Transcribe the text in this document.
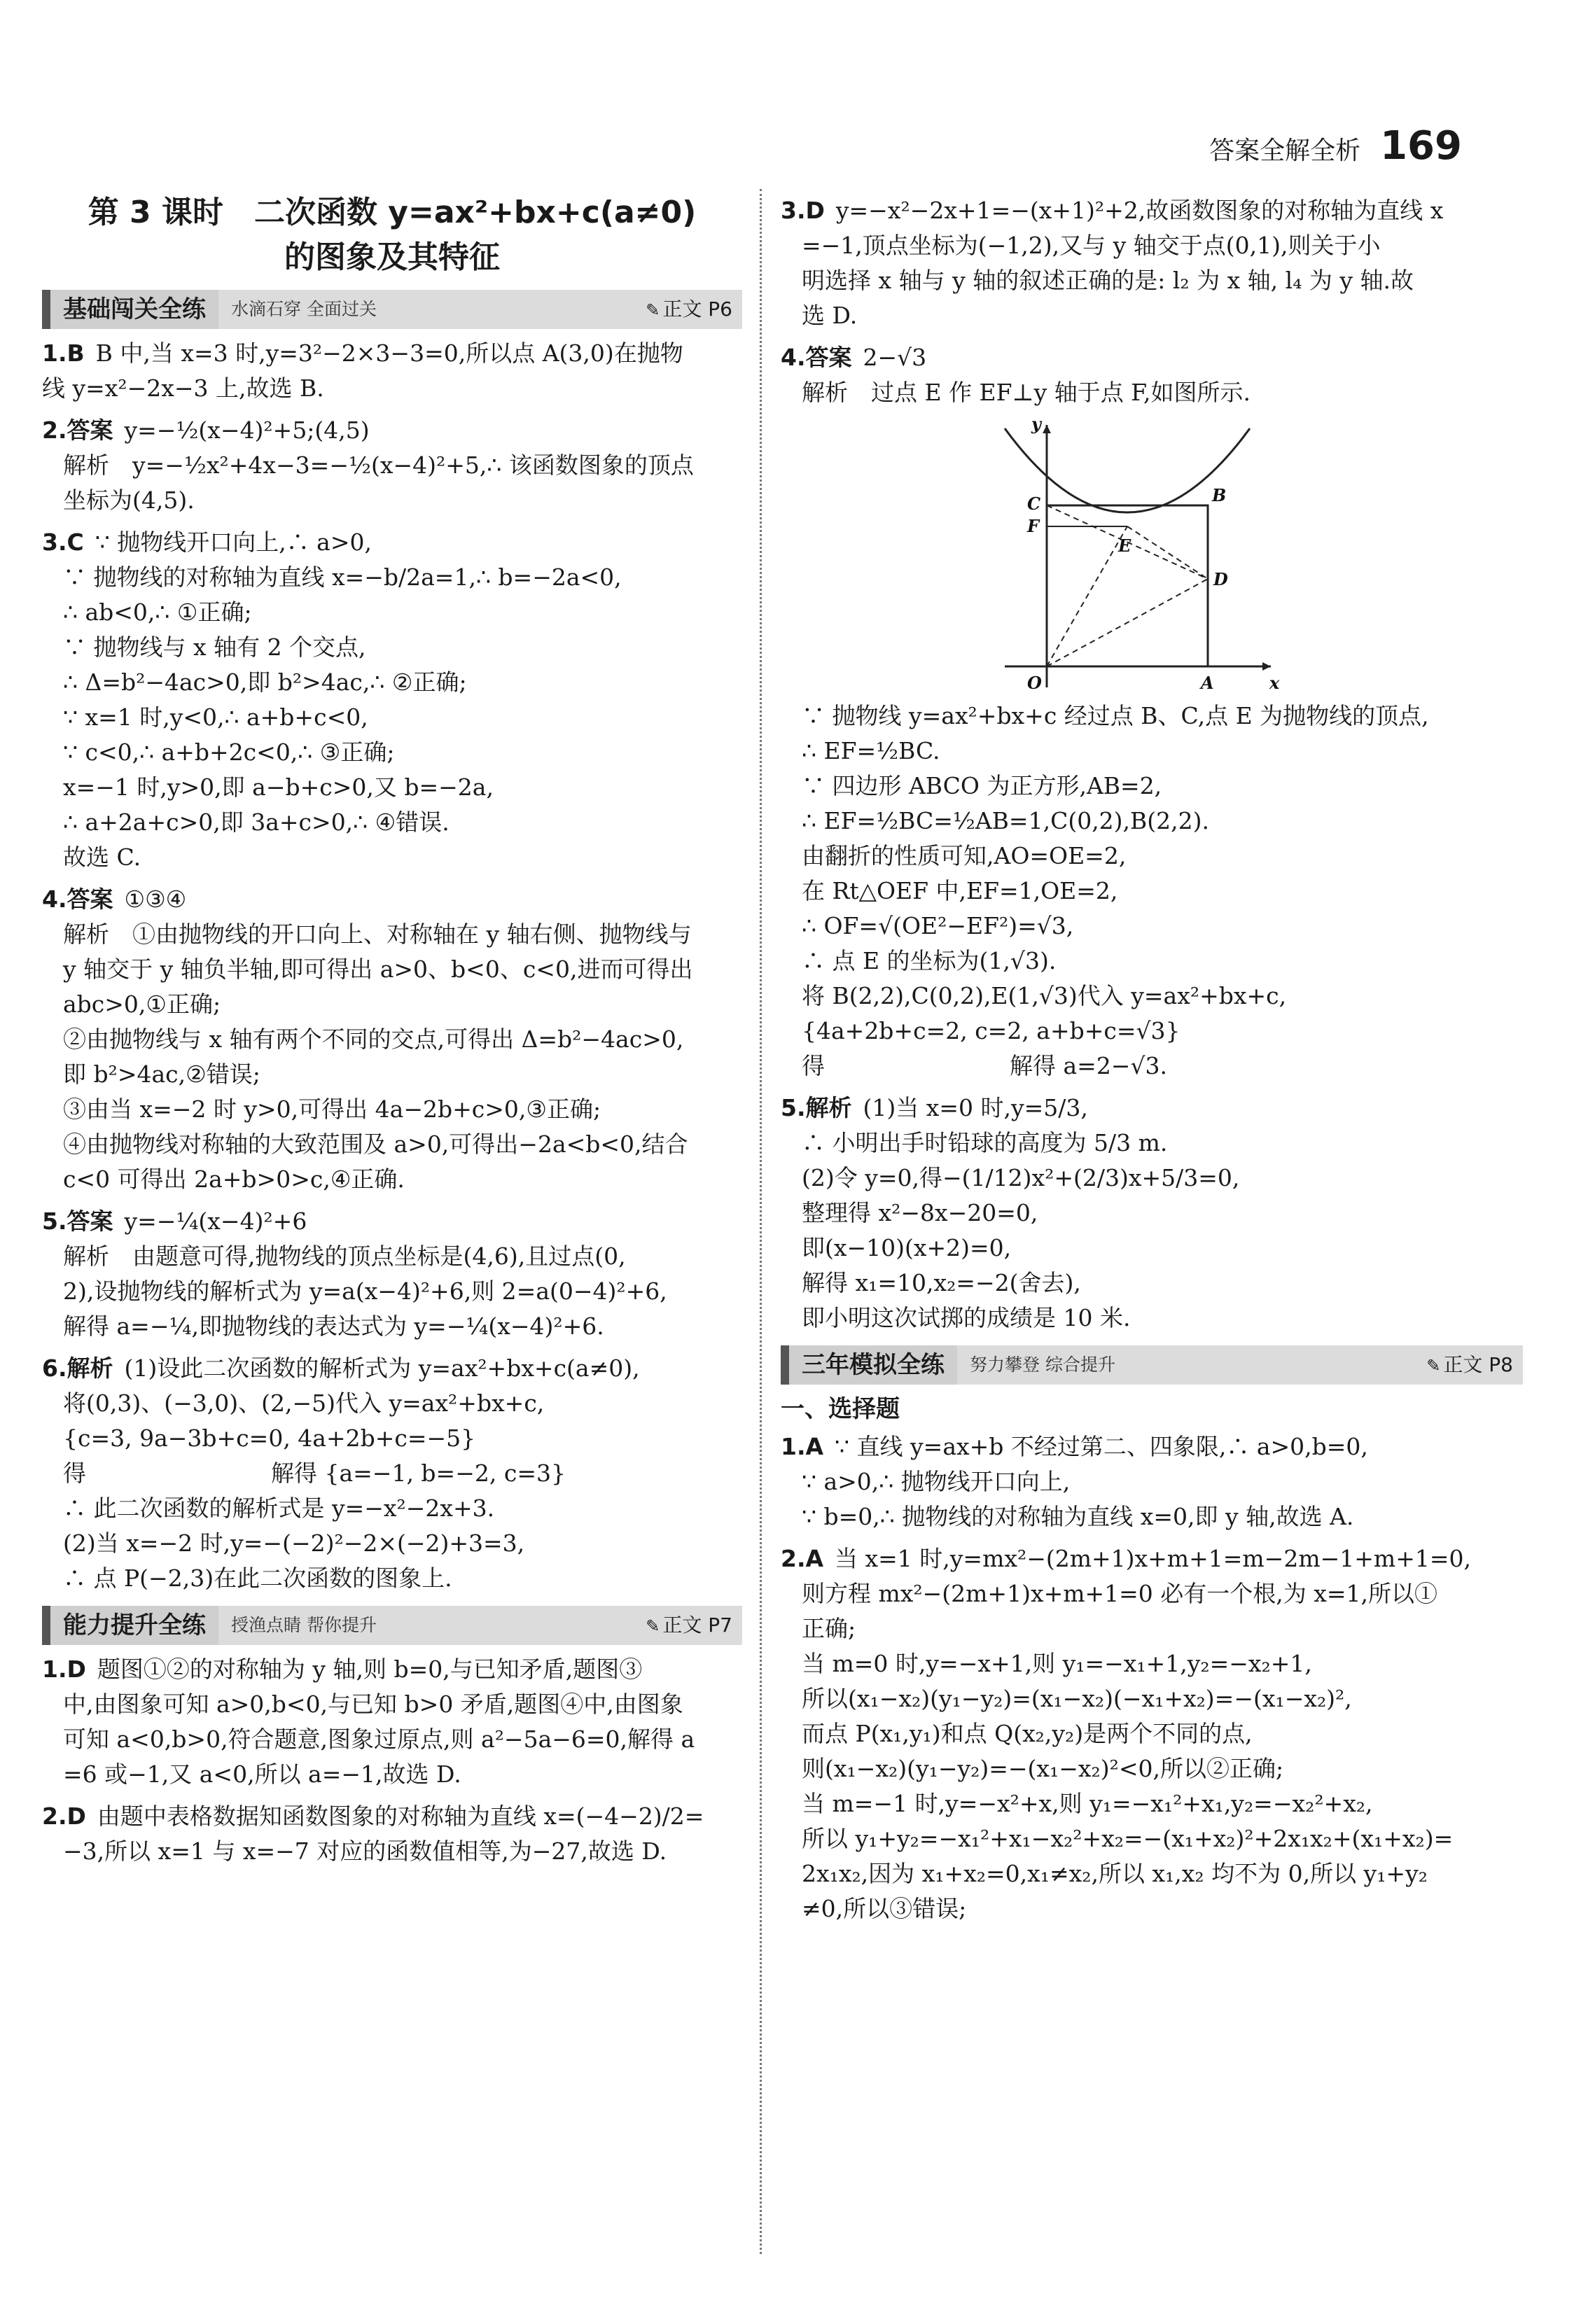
答案全解全析 169
第 3 课时　二次函数 y=ax²+bx+c(a≠0)
的图象及其特征
基础闯关全练	水滴石穿 全面过关	✎ 正文 P6
1.B B 中,当 x=3 时,y=3²−2×3−3=0,所以点 A(3,0)在抛物
线 y=x²−2x−3 上,故选 B.
2.答案 y=−½(x−4)²+5;(4,5)
解析　y=−½x²+4x−3=−½(x−4)²+5,∴ 该函数图象的顶点
坐标为(4,5).
3.C ∵ 抛物线开口向上,∴ a>0,
∵ 抛物线的对称轴为直线 x=−b/2a=1,∴ b=−2a<0,
∴ ab<0,∴ ①正确;
∵ 抛物线与 x 轴有 2 个交点,
∴ Δ=b²−4ac>0,即 b²>4ac,∴ ②正确;
∵ x=1 时,y<0,∴ a+b+c<0,
∵ c<0,∴ a+b+2c<0,∴ ③正确;
x=−1 时,y>0,即 a−b+c>0,又 b=−2a,
∴ a+2a+c>0,即 3a+c>0,∴ ④错误.
故选 C.
4.答案 ①③④
解析　①由抛物线的开口向上、对称轴在 y 轴右侧、抛物线与
y 轴交于 y 轴负半轴,即可得出 a>0、b<0、c<0,进而可得出
abc>0,①正确;
②由抛物线与 x 轴有两个不同的交点,可得出 Δ=b²−4ac>0,
即 b²>4ac,②错误;
③由当 x=−2 时 y>0,可得出 4a−2b+c>0,③正确;
④由抛物线对称轴的大致范围及 a>0,可得出−2a<b<0,结合
c<0 可得出 2a+b>0>c,④正确.
5.答案 y=−¼(x−4)²+6
解析　由题意可得,抛物线的顶点坐标是(4,6),且过点(0,
2),设抛物线的解析式为 y=a(x−4)²+6,则 2=a(0−4)²+6,
解得 a=−¼,即抛物线的表达式为 y=−¼(x−4)²+6.
6.解析 (1)设此二次函数的解析式为 y=ax²+bx+c(a≠0),
将(0,3)、(−3,0)、(2,−5)代入 y=ax²+bx+c,
{c=3, 9a−3b+c=0, 4a+2b+c=−5}
得　　　　　　　　解得 {a=−1, b=−2, c=3}
∴ 此二次函数的解析式是 y=−x²−2x+3.
(2)当 x=−2 时,y=−(−2)²−2×(−2)+3=3,
∴ 点 P(−2,3)在此二次函数的图象上.
能力提升全练	授渔点睛 帮你提升	✎ 正文 P7
1.D 题图①②的对称轴为 y 轴,则 b=0,与已知矛盾,题图③
中,由图象可知 a>0,b<0,与已知 b>0 矛盾,题图④中,由图象
可知 a<0,b>0,符合题意,图象过原点,则 a²−5a−6=0,解得 a
=6 或−1,又 a<0,所以 a=−1,故选 D.
2.D 由题中表格数据知函数图象的对称轴为直线 x=(−4−2)/2=
−3,所以 x=1 与 x=−7 对应的函数值相等,为−27,故选 D.
3.D y=−x²−2x+1=−(x+1)²+2,故函数图象的对称轴为直线 x
=−1,顶点坐标为(−1,2),又与 y 轴交于点(0,1),则关于小
明选择 x 轴与 y 轴的叙述正确的是: l₂ 为 x 轴, l₄ 为 y 轴.故
选 D.
4.答案 2−√3
解析　过点 E 作 EF⊥y 轴于点 F,如图所示.
y
x
O	A
B
C
F
E
D
∵ 抛物线 y=ax²+bx+c 经过点 B、C,点 E 为抛物线的顶点,
∴ EF=½BC.
∵ 四边形 ABCO 为正方形,AB=2,
∴ EF=½BC=½AB=1,C(0,2),B(2,2).
由翻折的性质可知,AO=OE=2,
在 Rt△OEF 中,EF=1,OE=2,
∴ OF=√(OE²−EF²)=√3,
∴ 点 E 的坐标为(1,√3).
将 B(2,2),C(0,2),E(1,√3)代入 y=ax²+bx+c,
{4a+2b+c=2, c=2, a+b+c=√3}
得　　　　　　　　解得 a=2−√3.
5.解析 (1)当 x=0 时,y=5/3,
∴ 小明出手时铅球的高度为 5/3 m.
(2)令 y=0,得−(1/12)x²+(2/3)x+5/3=0,
整理得 x²−8x−20=0,
即(x−10)(x+2)=0,
解得 x₁=10,x₂=−2(舍去),
即小明这次试掷的成绩是 10 米.
三年模拟全练	努力攀登 综合提升	✎ 正文 P8
一、选择题
1.A ∵ 直线 y=ax+b 不经过第二、四象限,∴ a>0,b=0,
∵ a>0,∴ 抛物线开口向上,
∵ b=0,∴ 抛物线的对称轴为直线 x=0,即 y 轴,故选 A.
2.A 当 x=1 时,y=mx²−(2m+1)x+m+1=m−2m−1+m+1=0,
则方程 mx²−(2m+1)x+m+1=0 必有一个根,为 x=1,所以①
正确;
当 m=0 时,y=−x+1,则 y₁=−x₁+1,y₂=−x₂+1,
所以(x₁−x₂)(y₁−y₂)=(x₁−x₂)(−x₁+x₂)=−(x₁−x₂)²,
而点 P(x₁,y₁)和点 Q(x₂,y₂)是两个不同的点,
则(x₁−x₂)(y₁−y₂)=−(x₁−x₂)²<0,所以②正确;
当 m=−1 时,y=−x²+x,则 y₁=−x₁²+x₁,y₂=−x₂²+x₂,
所以 y₁+y₂=−x₁²+x₁−x₂²+x₂=−(x₁+x₂)²+2x₁x₂+(x₁+x₂)=
2x₁x₂,因为 x₁+x₂=0,x₁≠x₂,所以 x₁,x₂ 均不为 0,所以 y₁+y₂
≠0,所以③错误;
